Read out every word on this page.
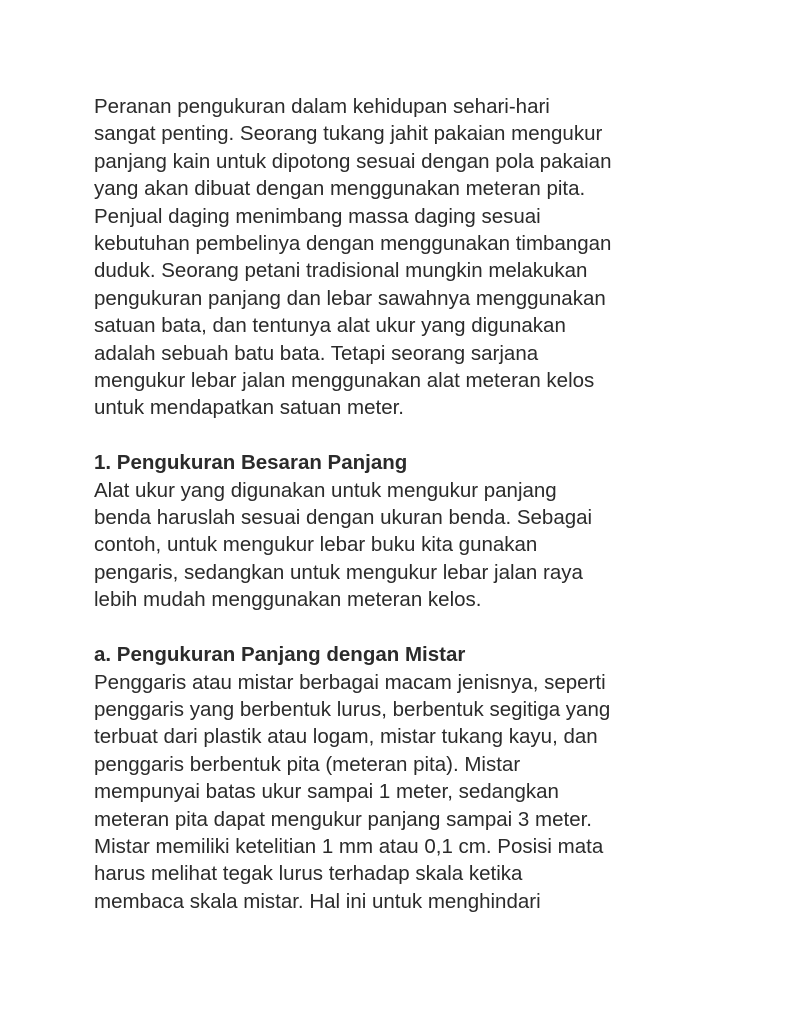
Peranan pengukuran dalam kehidupan sehari-hari
sangat penting. Seorang tukang jahit pakaian mengukur
panjang kain untuk dipotong sesuai dengan pola pakaian
yang akan dibuat dengan menggunakan meteran pita.
Penjual daging menimbang massa daging sesuai
kebutuhan pembelinya dengan menggunakan timbangan
duduk. Seorang petani tradisional mungkin melakukan
pengukuran panjang dan lebar sawahnya menggunakan
satuan bata, dan tentunya alat ukur yang digunakan
adalah sebuah batu bata. Tetapi seorang sarjana
mengukur lebar jalan menggunakan alat meteran kelos
untuk mendapatkan satuan meter.
1. Pengukuran Besaran Panjang
Alat ukur yang digunakan untuk mengukur panjang
benda haruslah sesuai dengan ukuran benda. Sebagai
contoh, untuk mengukur lebar buku kita gunakan
pengaris, sedangkan untuk mengukur lebar jalan raya
lebih mudah menggunakan meteran kelos.
a. Pengukuran Panjang dengan Mistar
Penggaris atau mistar berbagai macam jenisnya, seperti
penggaris yang berbentuk lurus, berbentuk segitiga yang
terbuat dari plastik atau logam, mistar tukang kayu, dan
penggaris berbentuk pita (meteran pita). Mistar
mempunyai batas ukur sampai 1 meter, sedangkan
meteran pita dapat mengukur panjang sampai 3 meter.
Mistar memiliki ketelitian 1 mm atau 0,1 cm. Posisi mata
harus melihat tegak lurus terhadap skala ketika
membaca skala mistar. Hal ini untuk menghindari
